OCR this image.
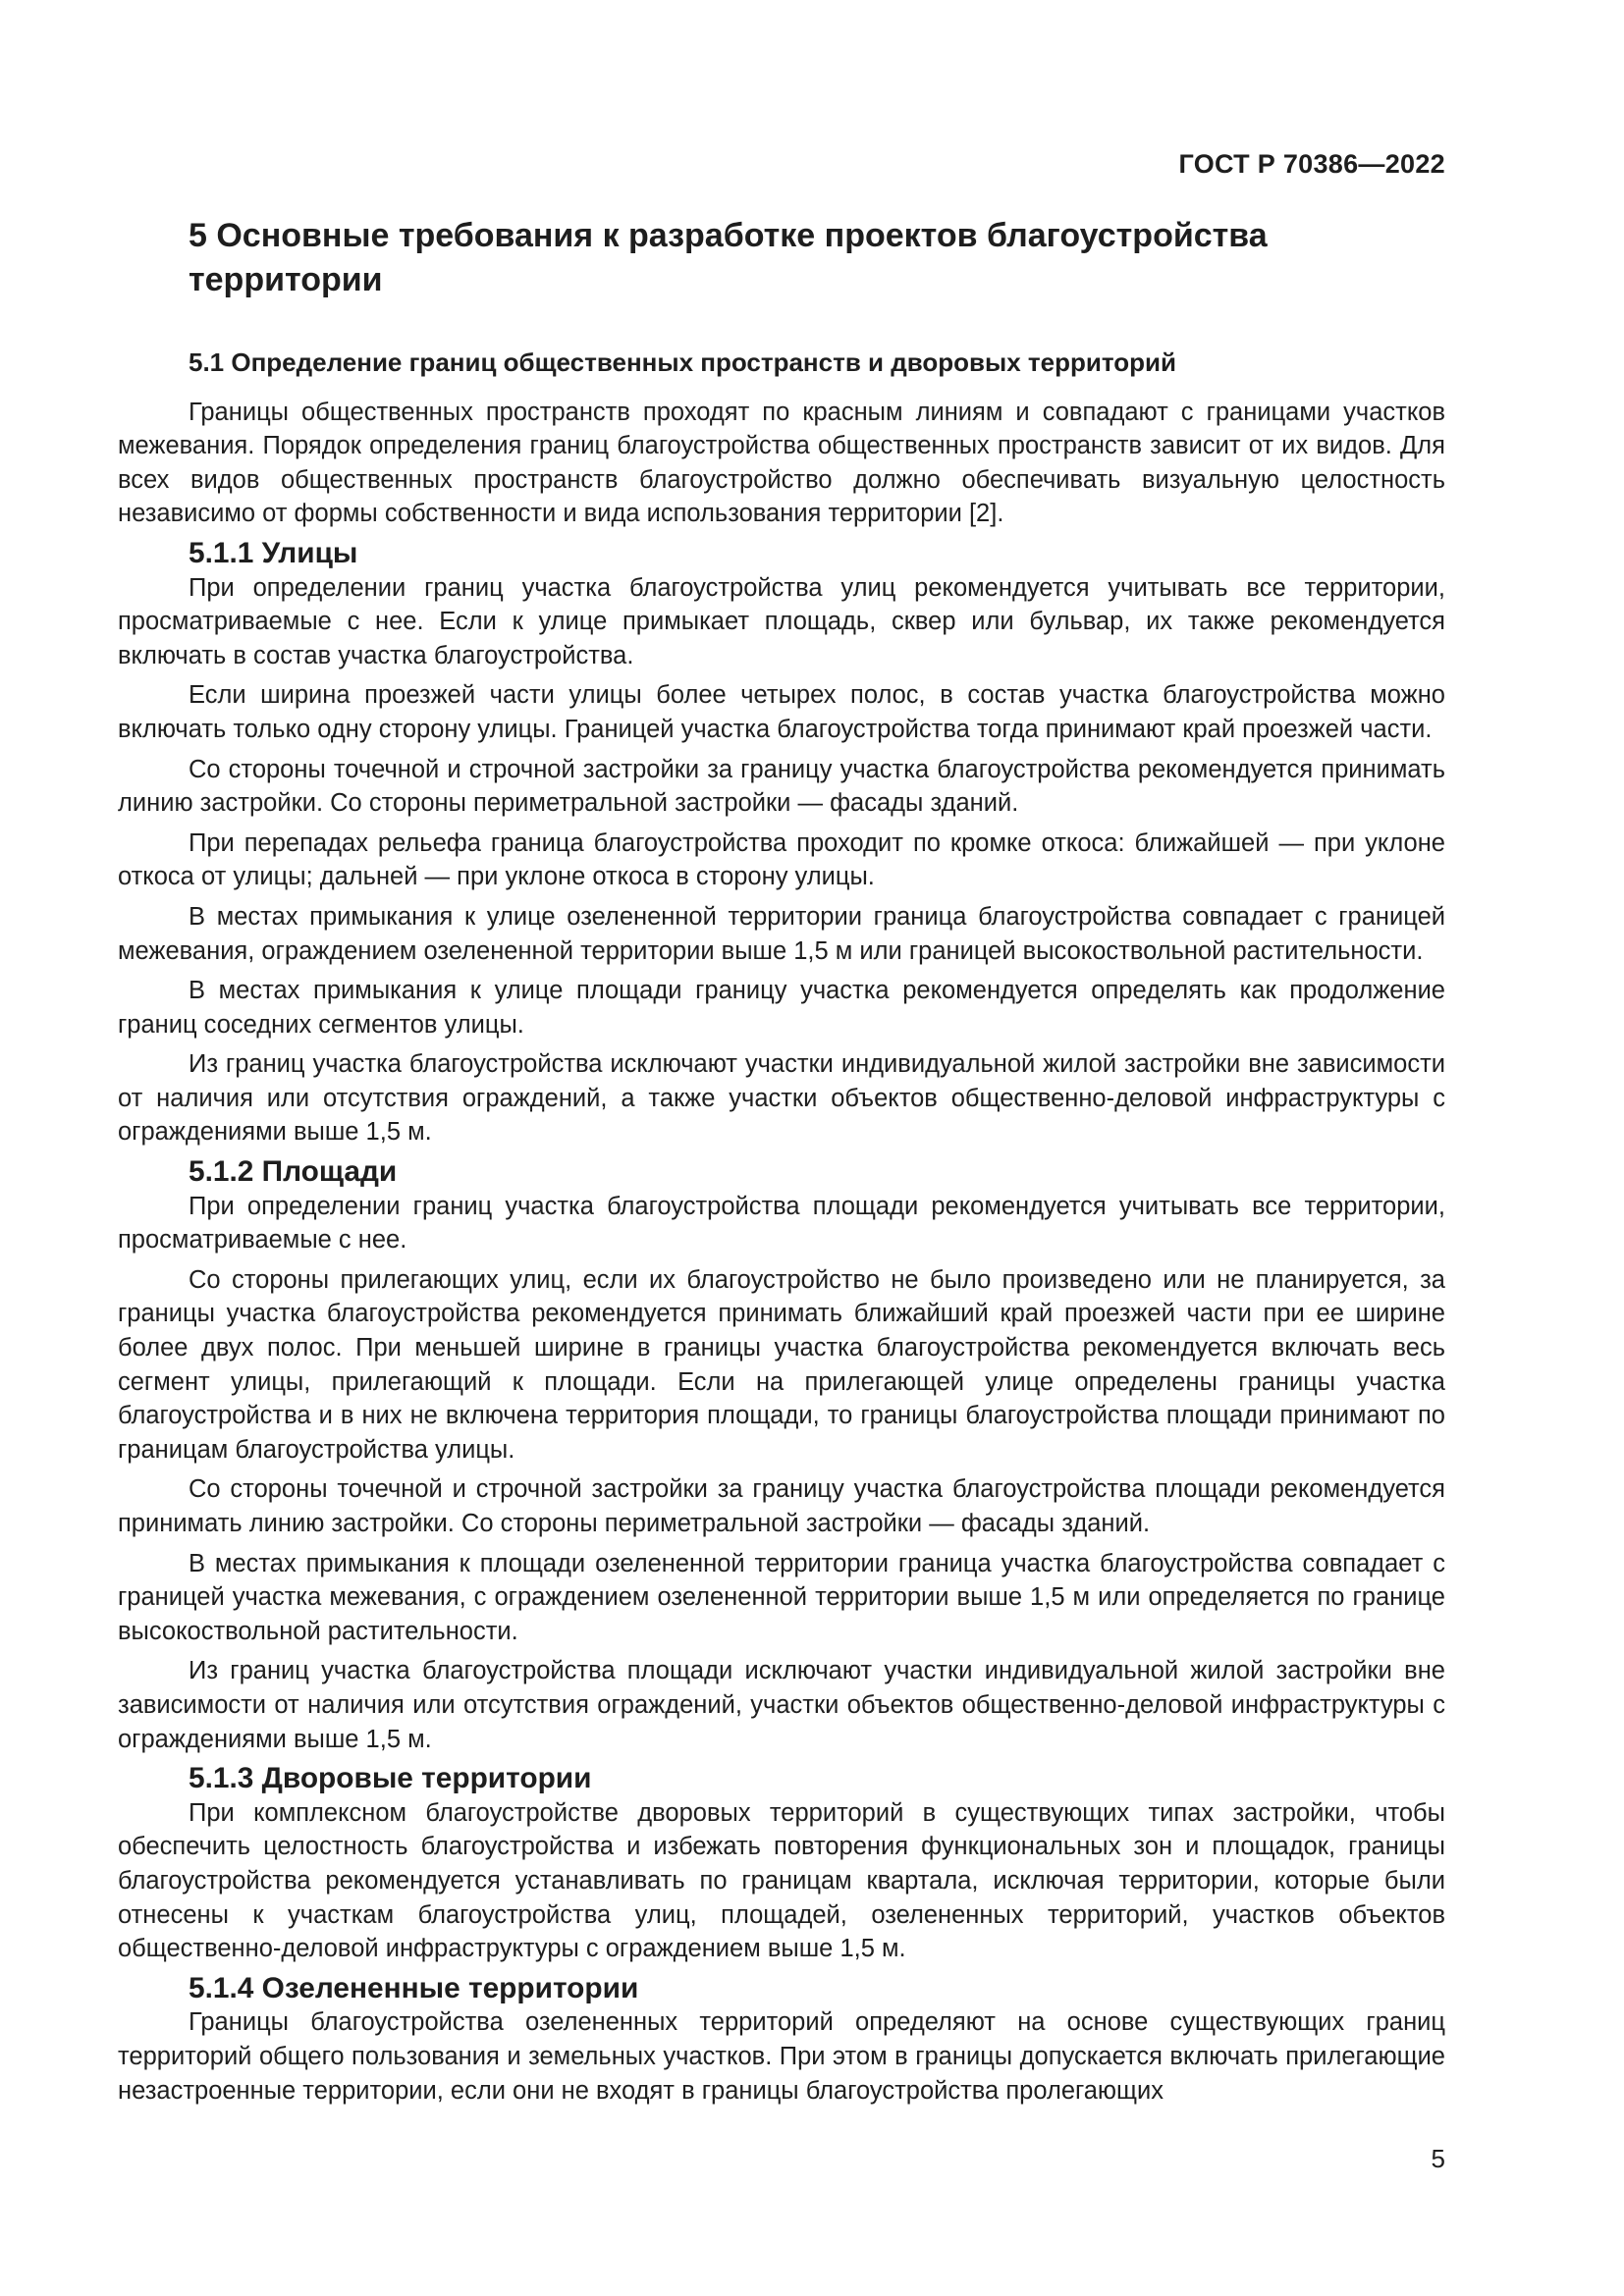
ГОСТ Р 70386—2022

5 Основные требования к разработке проектов благоустройства территории
5.1 Определение границ общественных пространств и дворовых территорий

Границы общественных пространств проходят по красным линиям и совпадают с границами участков межевания. Порядок определения границ благоустройства общественных пространств зависит от их видов. Для всех видов общественных пространств благоустройство должно обеспечивать визуальную целостность независимо от формы собственности и вида использования территории [2].

5.1.1 Улицы

При определении границ участка благоустройства улиц рекомендуется учитывать все территории, просматриваемые с нее. Если к улице примыкает площадь, сквер или бульвар, их также рекомендуется включать в состав участка благоустройства.

Если ширина проезжей части улицы более четырех полос, в состав участка благоустройства можно включать только одну сторону улицы. Границей участка благоустройства тогда принимают край проезжей части.

Со стороны точечной и строчной застройки за границу участка благоустройства рекомендуется принимать линию застройки. Со стороны периметральной застройки — фасады зданий.

При перепадах рельефа граница благоустройства проходит по кромке откоса: ближайшей — при уклоне откоса от улицы; дальней — при уклоне откоса в сторону улицы.

В местах примыкания к улице озелененной территории граница благоустройства совпадает с границей межевания, ограждением озелененной территории выше 1,5 м или границей высокоствольной растительности.

В местах примыкания к улице площади границу участка рекомендуется определять как продолжение границ соседних сегментов улицы.

Из границ участка благоустройства исключают участки индивидуальной жилой застройки вне зависимости от наличия или отсутствия ограждений, а также участки объектов общественно-деловой инфраструктуры с ограждениями выше 1,5 м.

5.1.2 Площади

При определении границ участка благоустройства площади рекомендуется учитывать все территории, просматриваемые с нее.

Со стороны прилегающих улиц, если их благоустройство не было произведено или не планируется, за границы участка благоустройства рекомендуется принимать ближайший край проезжей части при ее ширине более двух полос. При меньшей ширине в границы участка благоустройства рекомендуется включать весь сегмент улицы, прилегающий к площади. Если на прилегающей улице определены границы участка благоустройства и в них не включена территория площади, то границы благоустройства площади принимают по границам благоустройства улицы.

Со стороны точечной и строчной застройки за границу участка благоустройства площади рекомендуется принимать линию застройки. Со стороны периметральной застройки — фасады зданий.

В местах примыкания к площади озелененной территории граница участка благоустройства совпадает с границей участка межевания, с ограждением озелененной территории выше 1,5 м или определяется по границе высокоствольной растительности.

Из границ участка благоустройства площади исключают участки индивидуальной жилой застройки вне зависимости от наличия или отсутствия ограждений, участки объектов общественно-деловой инфраструктуры с ограждениями выше 1,5 м.

5.1.3 Дворовые территории

При комплексном благоустройстве дворовых территорий в существующих типах застройки, чтобы обеспечить целостность благоустройства и избежать повторения функциональных зон и площадок, границы благоустройства рекомендуется устанавливать по границам квартала, исключая территории, которые были отнесены к участкам благоустройства улиц, площадей, озелененных территорий, участков объектов общественно-деловой инфраструктуры с ограждением выше 1,5 м.

5.1.4 Озелененные территории

Границы благоустройства озелененных территорий определяют на основе существующих границ территорий общего пользования и земельных участков. При этом в границы допускается включать прилегающие незастроенные территории, если они не входят в границы благоустройства пролегающих

5
